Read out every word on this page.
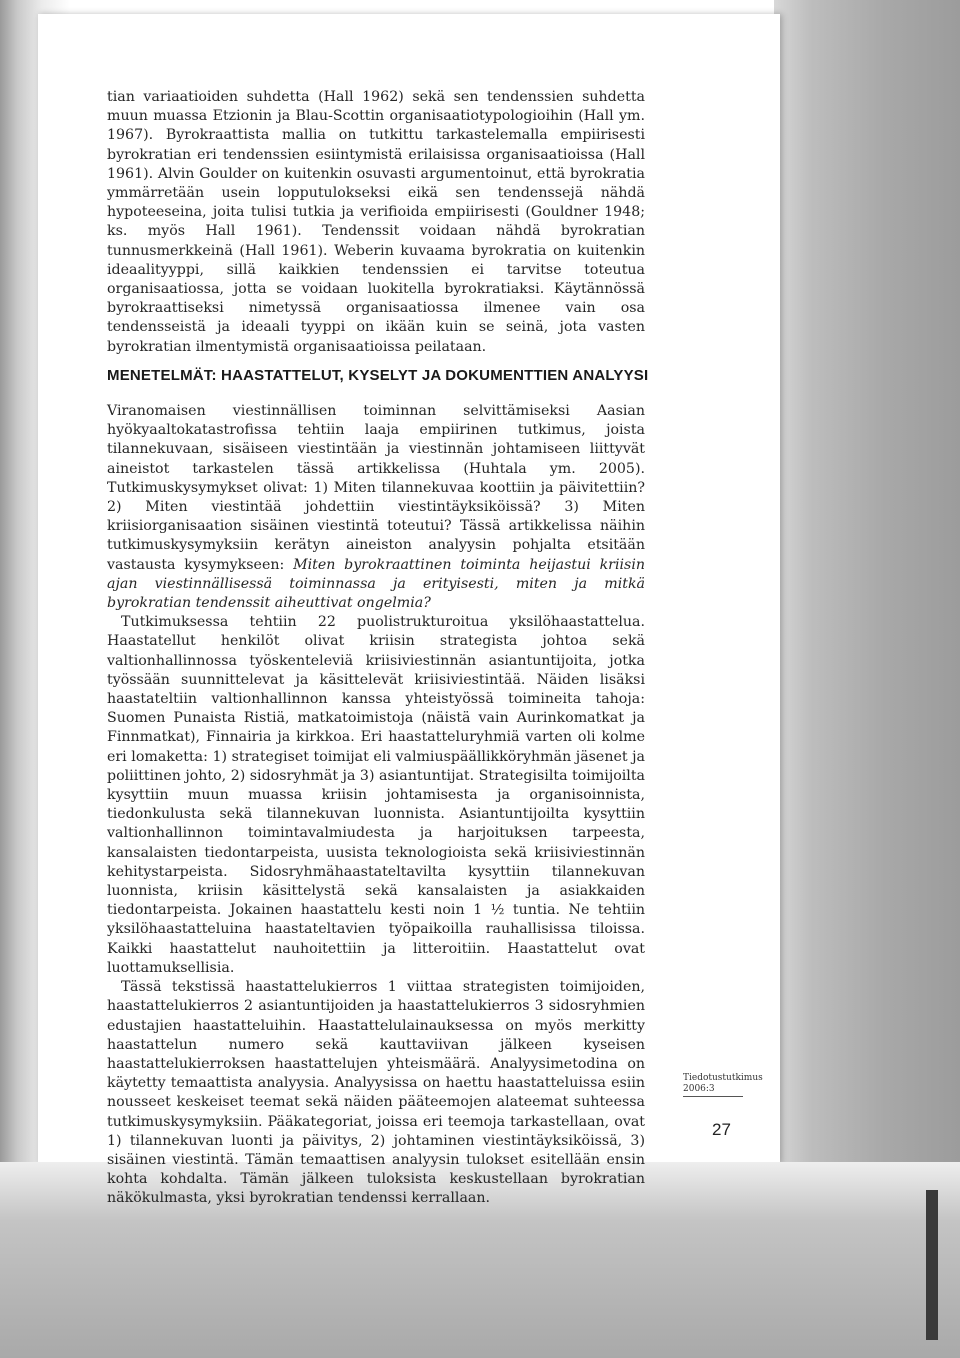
tian variaatioiden suhdetta (Hall 1962) sekä sen tendenssien suhdetta muun muassa Etzionin ja Blau-Scottin organisaatiotypologioihin (Hall ym. 1967). Byrokraattista mallia on tutkittu tarkastelemalla empiirisesti byrokratian eri tendenssien esiintymistä erilaisissa organisaatioissa (Hall 1961). Alvin Goulder on kuitenkin osuvasti argumentoinut, että byrokratia ymmärretään usein lopputulokseksi eikä sen tendenssejä nähdä hypoteeseina, joita tulisi tutkia ja verifioida empiirisesti (Gouldner 1948; ks. myös Hall 1961). Tendenssit voidaan nähdä byrokratian tunnusmerkkeinä (Hall 1961). Weberin kuvaama byrokratia on kuitenkin ideaalityyppi, sillä kaikkien tendenssien ei tarvitse toteutua organisaatiossa, jotta se voidaan luokitella byrokratiaksi. Käytännössä byrokraattiseksi nimetyssä organisaatiossa ilmenee vain osa tendensseistä ja ideaali tyyppi on ikään kuin se seinä, jota vasten byrokratian ilmentymistä organisaatioissa peilataan.

MENETELMÄT: HAASTATTELUT, KYSELYT JA DOKUMENTTIEN ANALYYSI

Viranomaisen viestinnällisen toiminnan selvittämiseksi Aasian hyökyaaltokatastrofissa tehtiin laaja empiirinen tutkimus, joista tilannekuvaan, sisäiseen viestintään ja viestinnän johtamiseen liittyvät aineistot tarkastelen tässä artikkelissa (Huhtala ym. 2005). Tutkimuskysymykset olivat: 1) Miten tilannekuvaa koottiin ja päivitettiin? 2) Miten viestintää johdettiin viestintäyksiköissä? 3) Miten kriisiorganisaation sisäinen viestintä toteutui? Tässä artikkelissa näihin tutkimuskysymyksiin kerätyn aineiston analyysin pohjalta etsitään vastausta kysymykseen: Miten byrokraattinen toiminta heijastui kriisin ajan viestinnällisessä toiminnassa ja erityisesti, miten ja mitkä byrokratian tendenssit aiheuttivat ongelmia?

Tutkimuksessa tehtiin 22 puolistrukturoitua yksilöhaastattelua. Haastatellut henkilöt olivat kriisin strategista johtoa sekä valtionhallinnossa työskenteleviä kriisiviestinnän asiantuntijoita, jotka työssään suunnittelevat ja käsittelevät kriisiviestintää. Näiden lisäksi haastateltiin valtionhallinnon kanssa yhteistyössä toimineita tahoja: Suomen Punaista Ristiä, matkatoimistoja (näistä vain Aurinkomatkat ja Finnmatkat), Finnairia ja kirkkoa. Eri haastatteluryhmiä varten oli kolme eri lomaketta: 1) strategiset toimijat eli valmiuspäällikköryhmän jäsenet ja poliittinen johto, 2) sidosryhmät ja 3) asiantuntijat. Strategisilta toimijoilta kysyttiin muun muassa kriisin johtamisesta ja organisoinnista, tiedonkulusta sekä tilannekuvan luonnista. Asiantuntijoilta kysyttiin valtionhallinnon toimintavalmiudesta ja harjoituksen tarpeesta, kansalaisten tiedontarpeista, uusista teknologioista sekä kriisiviestinnän kehitystarpeista. Sidosryhmähaastateltavilta kysyttiin tilannekuvan luonnista, kriisin käsittelystä sekä kansalaisten ja asiakkaiden tiedontarpeista. Jokainen haastattelu kesti noin 1 ½ tuntia. Ne tehtiin yksilöhaastatteluina haastateltavien työpaikoilla rauhallisissa tiloissa. Kaikki haastattelut nauhoitettiin ja litteroitiin. Haastattelut ovat luottamuksellisia.

Tässä tekstissä haastattelukierros 1 viittaa strategisten toimijoiden, haastattelukierros 2 asiantuntijoiden ja haastattelukierros 3 sidosryhmien edustajien haastatteluihin. Haastattelulainauksessa on myös merkitty haastattelun numero sekä kauttaviivan jälkeen kyseisen haastattelukierroksen haastattelujen yhteismäärä. Analyysimetodina on käytetty temaattista analyysia. Analyysissa on haettu haastatteluissa esiin nousseet keskeiset teemat sekä näiden pääteemojen alateemat suhteessa tutkimuskysymyksiin. Pääkategoriat, joissa eri teemoja tarkastellaan, ovat 1) tilannekuvan luonti ja päivitys, 2) johtaminen viestintäyksiköissä, 3) sisäinen viestintä. Tämän temaattisen analyysin tulokset esitellään ensin kohta kohdalta. Tämän jälkeen tuloksista keskustellaan byrokratian näkökulmasta, yksi byrokratian tendenssi kerrallaan.

Tiedotustutkimus
2006:3
27
